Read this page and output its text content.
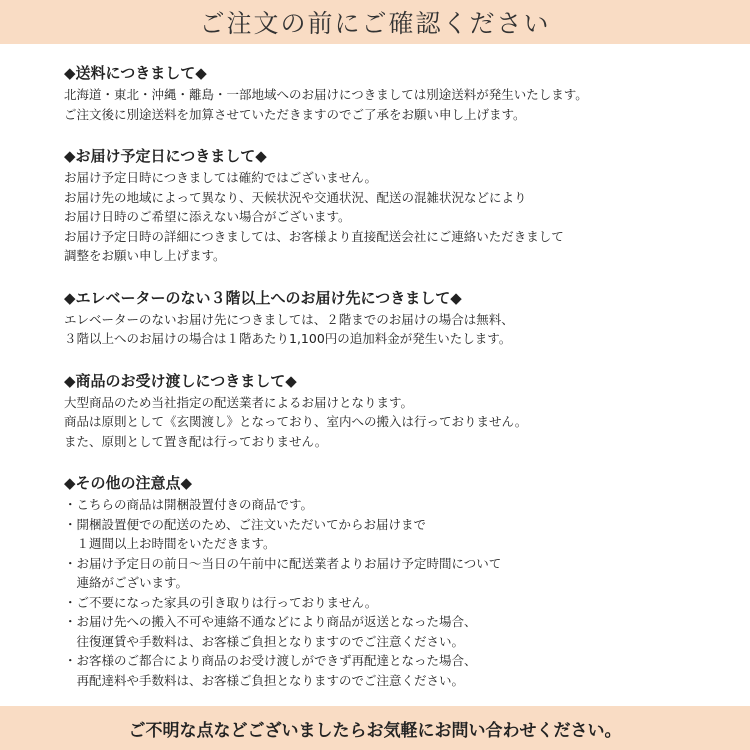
ご注文の前にご確認ください
◆送料につきまして◆
北海道・東北・沖縄・離島・一部地域へのお届けにつきましては別途送料が発生いたします。
ご注文後に別途送料を加算させていただきますのでご了承をお願い申し上げます。
◆お届け予定日につきまして◆
お届け予定日時につきましては確約ではございません。
お届け先の地域によって異なり、天候状況や交通状況、配送の混雑状況などにより
お届け日時のご希望に添えない場合がございます。
お届け予定日時の詳細につきましては、お客様より直接配送会社にご連絡いただきまして
調整をお願い申し上げます。
◆エレベーターのない３階以上へのお届け先につきまして◆
エレベーターのないお届け先につきましては、２階までのお届けの場合は無料、
３階以上へのお届けの場合は１階あたり1,100円の追加料金が発生いたします。
◆商品のお受け渡しにつきまして◆
大型商品のため当社指定の配送業者によるお届けとなります。
商品は原則として《玄関渡し》となっており、室内への搬入は行っておりません。
また、原則として置き配は行っておりません。
◆その他の注意点◆
・こちらの商品は開梱設置付きの商品です。
・開梱設置便での配送のため、ご注文いただいてからお届けまで
　１週間以上お時間をいただきます。
・お届け予定日の前日～当日の午前中に配送業者よりお届け予定時間について
　連絡がございます。
・ご不要になった家具の引き取りは行っておりません。
・お届け先への搬入不可や連絡不通などにより商品が返送となった場合、
　往復運賃や手数料は、お客様ご負担となりますのでご注意ください。
・お客様のご都合により商品のお受け渡しができず再配達となった場合、
　再配達料や手数料は、お客様ご負担となりますのでご注意ください。
ご不明な点などございましたらお気軽にお問い合わせください。
